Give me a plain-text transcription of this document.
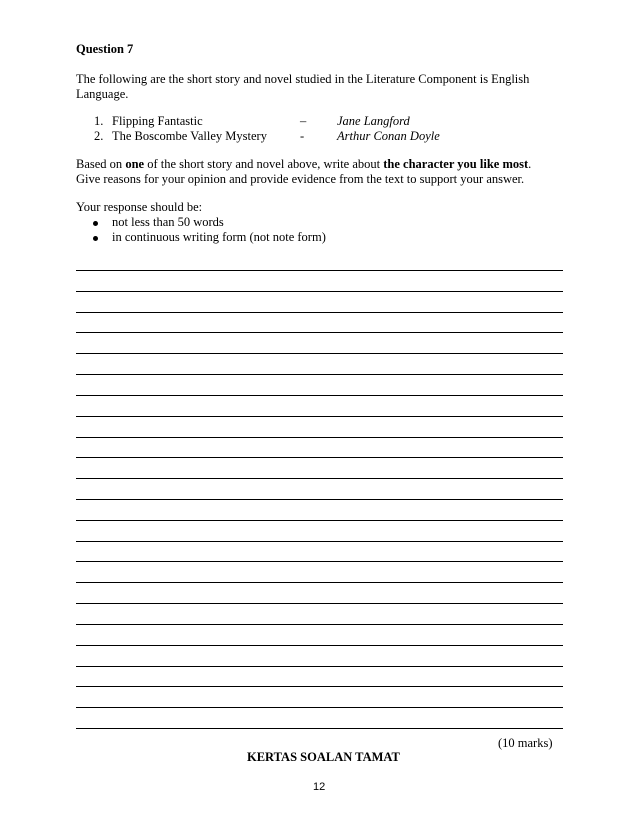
Question 7
The following are the short story and novel studied in the Literature Component is English
Language.
1. Flipping Fantastic	– Jane Langford
2. The Boscombe Valley Mystery	-	Arthur Conan Doyle
Based on one of the short story and novel above, write about the character you like most.
Give reasons for your opinion and provide evidence from the text to support your answer.
Your response should be:
not less than 50 words
in continuous writing form (not note form)
(10 marks)
KERTAS SOALAN TAMAT
12
